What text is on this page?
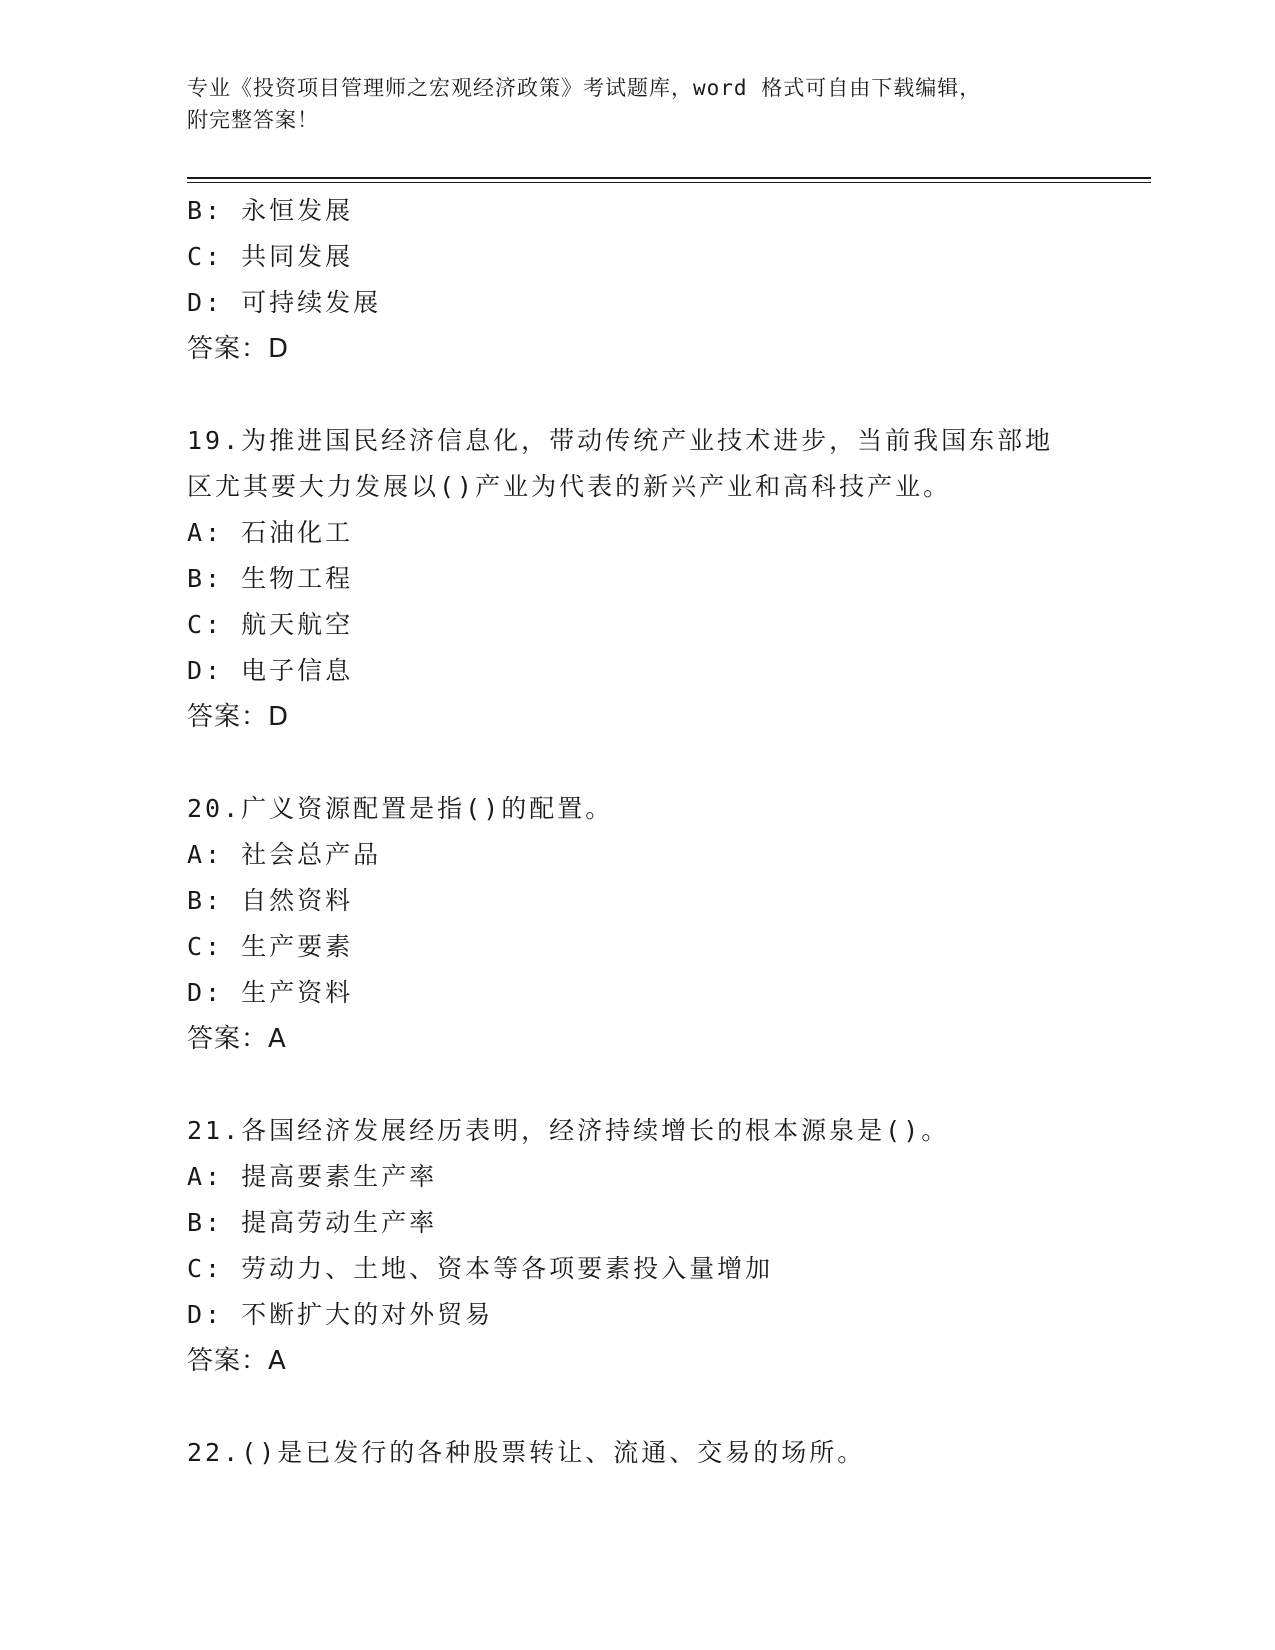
专业《投资项目管理师之宏观经济政策》考试题库，word 格式可自由下载编辑，
附完整答案！
B: 永恒发展
C: 共同发展
D: 可持续发展
答案：D
19.为推进国民经济信息化，带动传统产业技术进步，当前我国东部地
区尤其要大力发展以()产业为代表的新兴产业和高科技产业。
A: 石油化工
B: 生物工程
C: 航天航空
D: 电子信息
答案：D
20.广义资源配置是指()的配置。
A: 社会总产品
B: 自然资料
C: 生产要素
D: 生产资料
答案：A
21.各国经济发展经历表明，经济持续增长的根本源泉是()。
A: 提高要素生产率
B: 提高劳动生产率
C: 劳动力、土地、资本等各项要素投入量增加
D: 不断扩大的对外贸易
答案：A
22.()是已发行的各种股票转让、流通、交易的场所。
